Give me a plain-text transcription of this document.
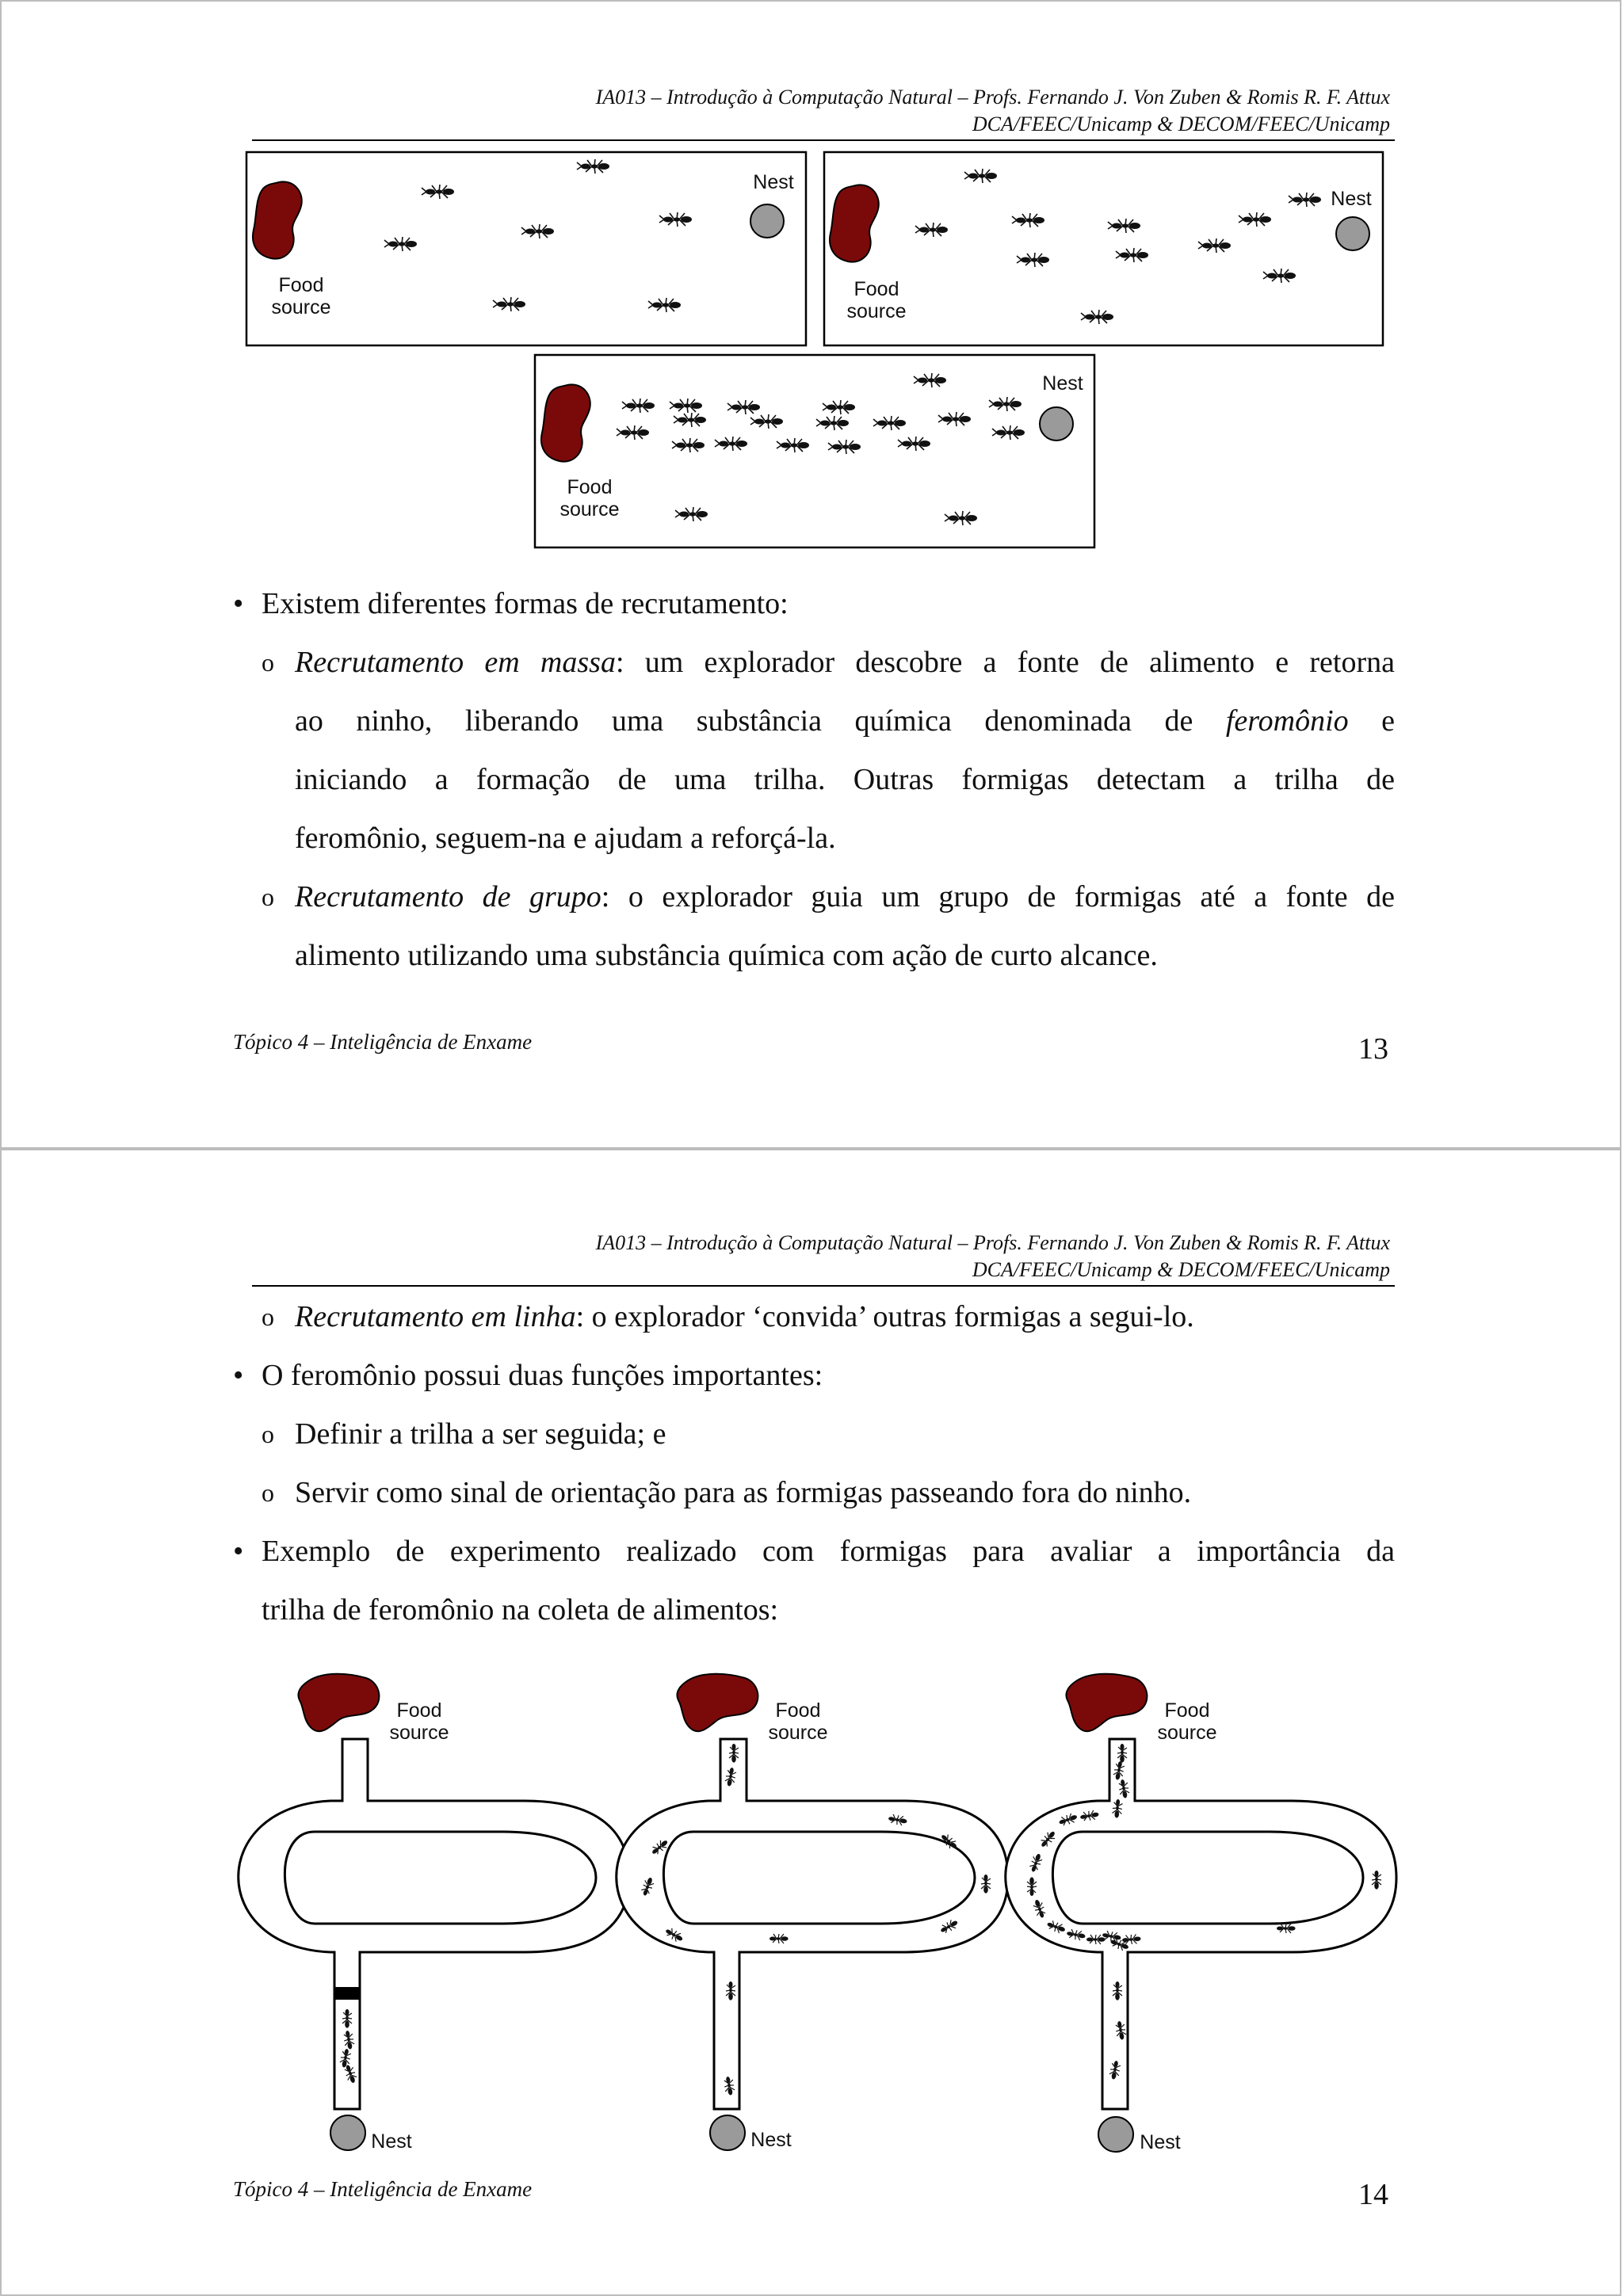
IA013 – Introdução à Computação Natural – Profs. Fernando J. Von Zuben & Romis R. F. Attux
DCA/FEEC/Unicamp & DECOM/FEEC/Unicamp
Food
source
Nest
Food
source
Nest
Food
source
Nest
• Existem diferentes formas de recrutamento:
o Recrutamento em massa: um explorador descobre a fonte de alimento e retorna
ao ninho, liberando uma substância química denominada de feromônio e
iniciando a formação de uma trilha. Outras formigas detectam a trilha de
feromônio, seguem-na e ajudam a reforçá-la.
o Recrutamento de grupo: o explorador guia um grupo de formigas até a fonte de
alimento utilizando uma substância química com ação de curto alcance.
Tópico 4 – Inteligência de Enxame	13
IA013 – Introdução à Computação Natural – Profs. Fernando J. Von Zuben & Romis R. F. Attux
DCA/FEEC/Unicamp & DECOM/FEEC/Unicamp
o Recrutamento em linha: o explorador ‘convida’ outras formigas a segui-lo.
• O feromônio possui duas funções importantes:
o Definir a trilha a ser seguida; e
o Servir como sinal de orientação para as formigas passeando fora do ninho.
• Exemplo de experimento realizado com formigas para avaliar a importância da
trilha de feromônio na coleta de alimentos:
Food
source
Nest
Food
source
Nest
Food
source
Nest
Tópico 4 – Inteligência de Enxame	14
